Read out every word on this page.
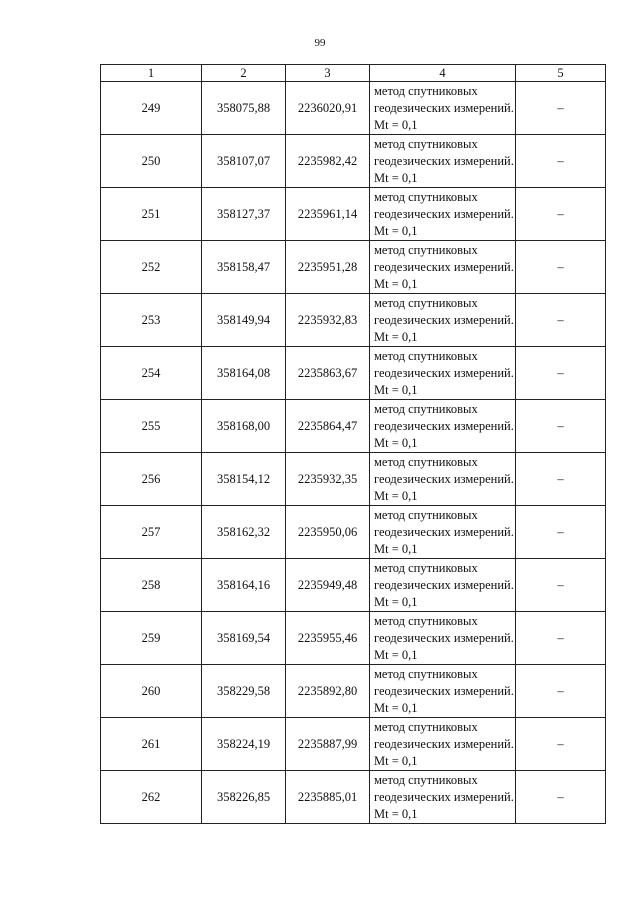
99
1	2	3	4	5
249	358075,88	2236020,91	метод спутниковых геодезических измерений. Mt = 0,1	–
250	358107,07	2235982,42	метод спутниковых геодезических измерений. Mt = 0,1	–
251	358127,37	2235961,14	метод спутниковых геодезических измерений. Mt = 0,1	–
252	358158,47	2235951,28	метод спутниковых геодезических измерений. Mt = 0,1	–
253	358149,94	2235932,83	метод спутниковых геодезических измерений. Mt = 0,1	–
254	358164,08	2235863,67	метод спутниковых геодезических измерений. Mt = 0,1	–
255	358168,00	2235864,47	метод спутниковых геодезических измерений. Mt = 0,1	–
256	358154,12	2235932,35	метод спутниковых геодезических измерений. Mt = 0,1	–
257	358162,32	2235950,06	метод спутниковых геодезических измерений. Mt = 0,1	–
258	358164,16	2235949,48	метод спутниковых геодезических измерений. Mt = 0,1	–
259	358169,54	2235955,46	метод спутниковых геодезических измерений. Mt = 0,1	–
260	358229,58	2235892,80	метод спутниковых геодезических измерений. Mt = 0,1	–
261	358224,19	2235887,99	метод спутниковых геодезических измерений. Mt = 0,1	–
262	358226,85	2235885,01	метод спутниковых геодезических измерений. Mt = 0,1	–
